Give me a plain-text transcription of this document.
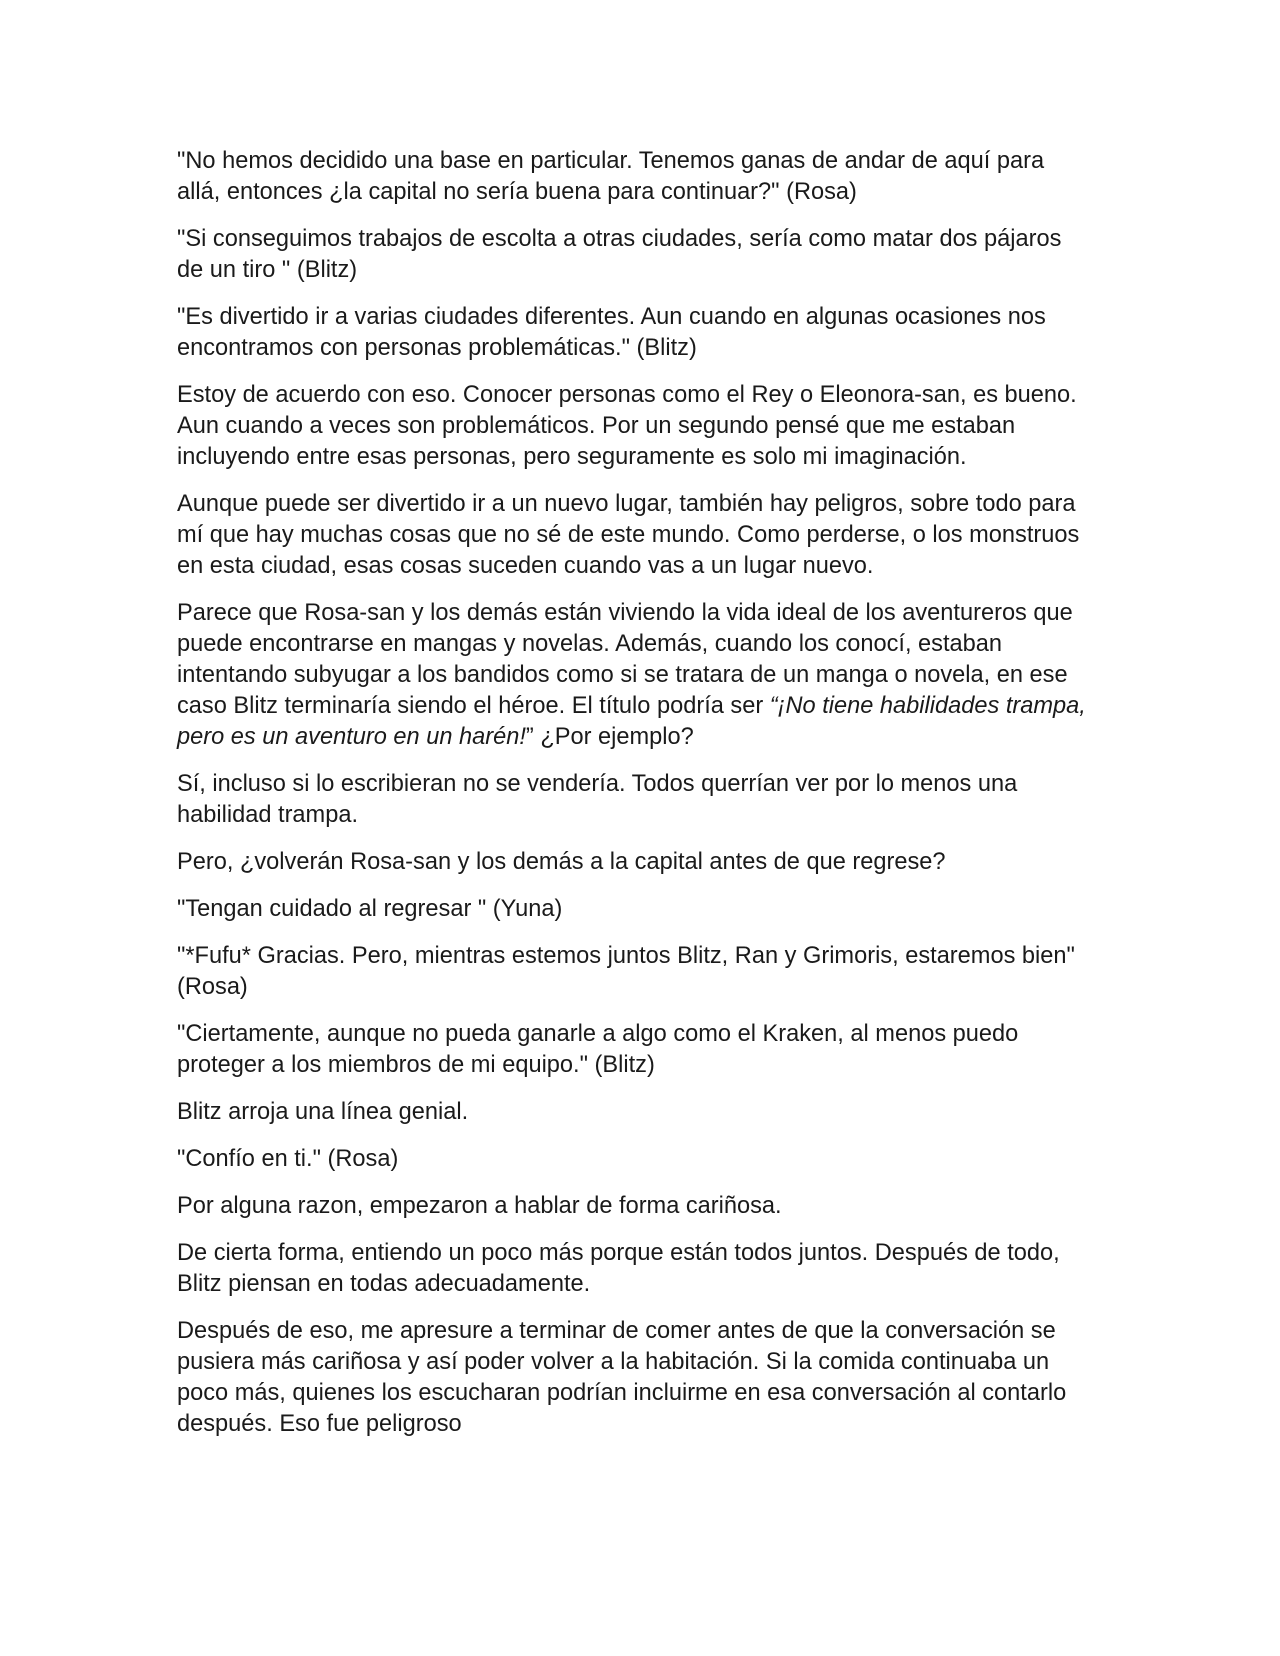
"No hemos decidido una base en particular. Tenemos ganas de andar de aquí para allá, entonces ¿la capital no sería buena para continuar?" (Rosa)

"Si conseguimos trabajos de escolta a otras ciudades, sería como matar dos pájaros de un tiro " (Blitz)

"Es divertido ir a varias ciudades diferentes. Aun cuando en algunas ocasiones nos encontramos con personas problemáticas." (Blitz)

Estoy de acuerdo con eso. Conocer personas como el Rey o Eleonora-san, es bueno. Aun cuando a veces son problemáticos. Por un segundo pensé que me estaban incluyendo entre esas personas, pero seguramente es solo mi imaginación.

Aunque puede ser divertido ir a un nuevo lugar, también hay peligros, sobre todo para mí que hay muchas cosas que no sé de este mundo. Como perderse, o los monstruos en esta ciudad, esas cosas suceden cuando vas a un lugar nuevo.

Parece que Rosa-san y los demás están viviendo la vida ideal de los aventureros que puede encontrarse en mangas y novelas. Además, cuando los conocí, estaban intentando subyugar a los bandidos como si se tratara de un manga o novela, en ese caso Blitz terminaría siendo el héroe. El título podría ser “¡No tiene habilidades trampa, pero es un aventuro en un harén!” ¿Por ejemplo?

Sí, incluso si lo escribieran no se vendería. Todos querrían ver por lo menos una habilidad trampa.

Pero, ¿volverán Rosa-san y los demás a la capital antes de que regrese?

"Tengan cuidado al regresar " (Yuna)

"*Fufu* Gracias. Pero, mientras estemos juntos Blitz, Ran y Grimoris, estaremos bien" (Rosa)

"Ciertamente, aunque no pueda ganarle a algo como el Kraken, al menos puedo proteger a los miembros de mi equipo." (Blitz)

Blitz arroja una línea genial.

"Confío en ti." (Rosa)

Por alguna razon, empezaron a hablar de forma cariñosa.

De cierta forma, entiendo un poco más porque están todos juntos. Después de todo, Blitz piensan en todas adecuadamente.

Después de eso, me apresure a terminar de comer antes de que la conversación se pusiera más cariñosa y así poder volver a la habitación. Si la comida continuaba un poco más, quienes los escucharan podrían incluirme en esa conversación al contarlo después. Eso fue peligroso
